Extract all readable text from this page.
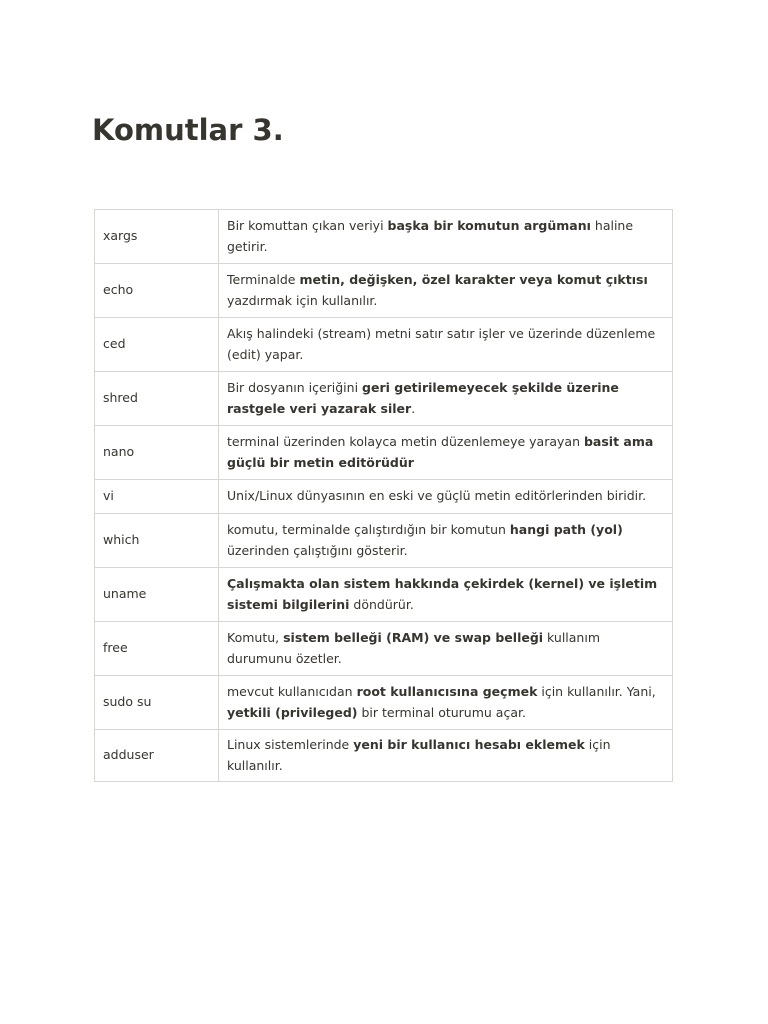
Komutlar 3.
xargs	Bir komuttan çıkan veriyi başka bir komutun argümanı haline getirir.
echo	Terminalde metin, değişken, özel karakter veya komut çıktısı yazdırmak için kullanılır.
ced	Akış halindeki (stream) metni satır satır işler ve üzerinde düzenleme (edit) yapar.
shred	Bir dosyanın içeriğini geri getirilemeyecek şekilde üzerine rastgele veri yazarak siler.
nano	terminal üzerinden kolayca metin düzenlemeye yarayan basit ama güçlü bir metin editörüdür
vi	Unix/Linux dünyasının en eski ve güçlü metin editörlerinden biridir.
which	komutu, terminalde çalıştırdığın bir komutun hangi path (yol) üzerinden çalıştığını gösterir.
uname	Çalışmakta olan sistem hakkında çekirdek (kernel) ve işletim sistemi bilgilerini döndürür.
free	Komutu, sistem belleği (RAM) ve swap belleği kullanım durumunu özetler.
sudo su	mevcut kullanıcıdan root kullanıcısına geçmek için kullanılır. Yani, yetkili (privileged) bir terminal oturumu açar.
adduser	Linux sistemlerinde yeni bir kullanıcı hesabı eklemek için kullanılır.
